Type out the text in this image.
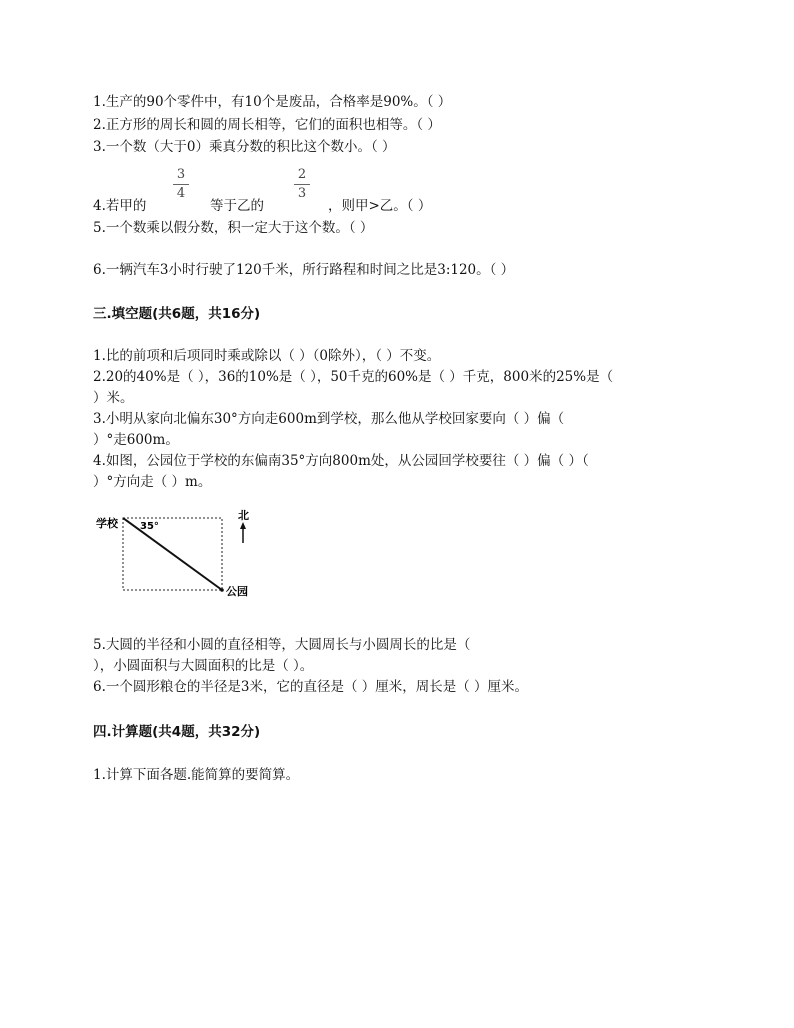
1.生产的90个零件中，有10个是废品，合格率是90%。（ ）
2.正方形的周长和圆的周长相等，它们的面积也相等。（ ）
3.一个数（大于0）乘真分数的积比这个数小。（ ）
4.若甲的
3
4
等于乙的
2
3
，则甲>乙。（ ）
5.一个数乘以假分数，积一定大于这个数。（ ）
6.一辆汽车3小时行驶了120千米，所行路程和时间之比是3:120。（ ）
三.填空题(共6题，共16分)
1.比的前项和后项同时乘或除以（ ）（0除外），（ ）不变。
2.20的40%是（ ），36的10%是（ ），50千克的60%是（ ）千克，800米的25%是（
）米。
3.小明从家向北偏东30°方向走600m到学校，那么他从学校回家要向（ ）偏（
）°走600m。
4.如图，公园位于学校的东偏南35°方向800m处，从公园回学校要往（ ）偏（ ）（
）°方向走（ ）m。
学校 35°
公园
北
5.大圆的半径和小圆的直径相等，大圆周长与小圆周长的比是（
），小圆面积与大圆面积的比是（ ）。
6.一个圆形粮仓的半径是3米，它的直径是（ ）厘米，周长是（ ）厘米。
四.计算题(共4题，共32分)
1.计算下面各题.能简算的要简算。
